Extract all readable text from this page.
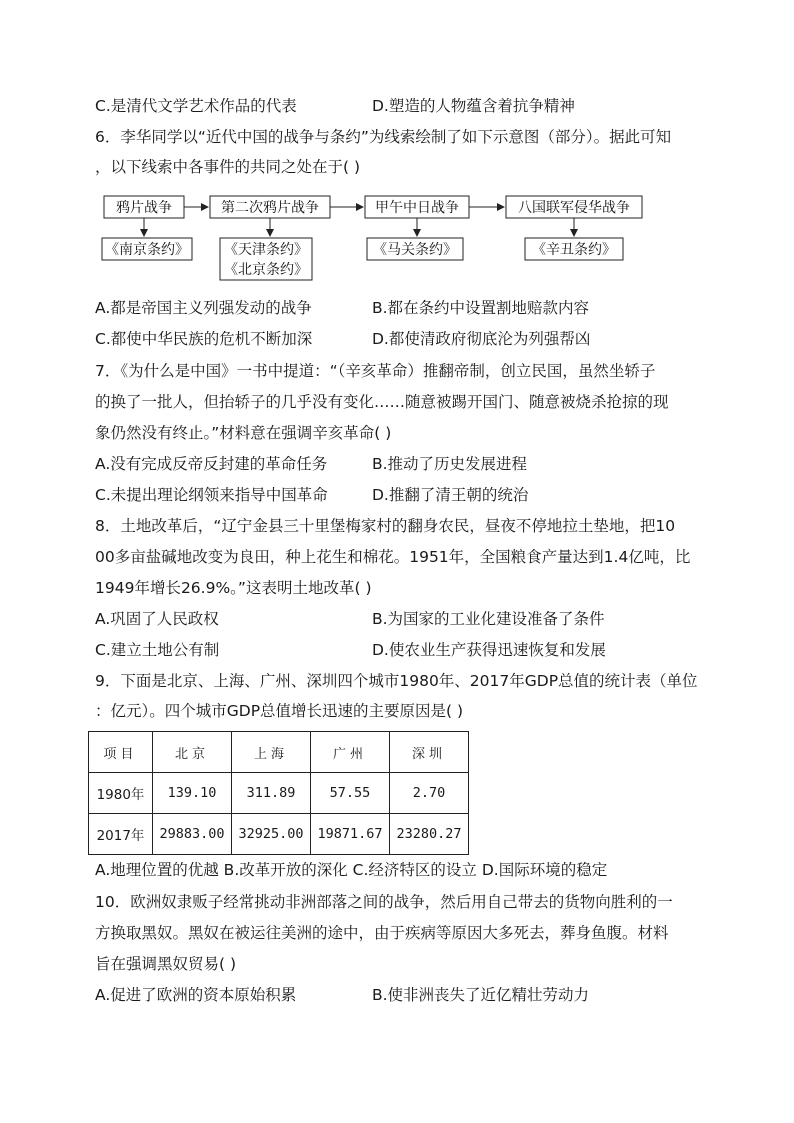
C.是清代文学艺术作品的代表	D.塑造的人物蕴含着抗争精神
6．李华同学以“近代中国的战争与条约”为线索绘制了如下示意图（部分）。据此可知
，以下线索中各事件的共同之处在于( )
鸦片战争	第二次鸦片战争	甲午中日战争	八国联军侵华战争
《南京条约》	《天津条约》
《北京条约》
《马关条约》	《辛丑条约》
A.都是帝国主义列强发动的战争	B.都在条约中设置割地赔款内容
C.都使中华民族的危机不断加深	D.都使清政府彻底沦为列强帮凶
7．《为什么是中国》一书中提道：“（辛亥革命）推翻帝制，创立民国，虽然坐轿子
的换了一批人，但抬轿子的几乎没有变化……随意被踢开国门、随意被烧杀抢掠的现
象仍然没有终止。”材料意在强调辛亥革命( )
A.没有完成反帝反封建的革命任务	B.推动了历史发展进程
C.未提出理论纲领来指导中国革命	D.推翻了清王朝的统治
8．土地改革后，“辽宁金县三十里堡梅家村的翻身农民，昼夜不停地拉土垫地，把10
00多亩盐碱地改变为良田，种上花生和棉花。1951年，全国粮食产量达到1.4亿吨，比
1949年增长26.9%。”这表明土地改革( )
A.巩固了人民政权	B.为国家的工业化建设准备了条件
C.建立土地公有制	D.使农业生产获得迅速恢复和发展
9．下面是北京、上海、广州、深圳四个城市1980年、2017年GDP总值的统计表（单位
：亿元）。四个城市GDP总值增长迅速的主要原因是( )
项目	北京	上海	广州	深圳
1980年	139.10	311.89	57.55	2.70
2017年	29883.00	32925.00	19871.67	23280.27
A.地理位置的优越 B.改革开放的深化 C.经济特区的设立 D.国际环境的稳定
10．欧洲奴隶贩子经常挑动非洲部落之间的战争，然后用自己带去的货物向胜利的一
方换取黑奴。黑奴在被运往美洲的途中，由于疾病等原因大多死去，葬身鱼腹。材料
旨在强调黑奴贸易( )
A.促进了欧洲的资本原始积累	B.使非洲丧失了近亿精壮劳动力
